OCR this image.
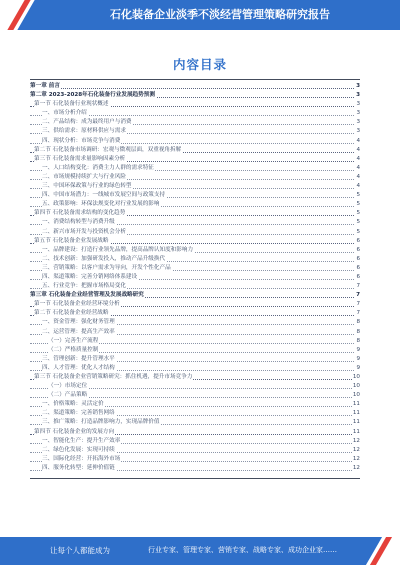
石化装备企业淡季不淡经营管理策略研究报告
内容目录
第一章 前言	3
第二章 2023-2028年石化装备行业发展趋势预测	3
第一节 石化装备行业现状概述	3
一、市场分析介绍	3
二、产品结构：成为最终用户与消费	3
三、供给需求：原材料供应与需求	3
四、现状分析：市场竞争与消费	4
第二节 石化装备市场调研：宏观与微观层面，双重视角拆解	4
第三节 石化装备需求量影响因素分析	4
一、人口结构变化：消费主力人群的需求特征	4
二、市场规模持续扩大与行业风险	4
三、中国环保政策与行业的绿色转型	4
四、中国市场潜力：一线城市发展空间与政策支持	5
五、政策影响：环保法规变化对行业发展的影响	5
第四节 石化装备需求结构的变化趋势	5
一、消费结构转型与消费升级	5
二、新兴市场开发与投资机会分析	5
第五节 石化装备企业发展战略	6
一、品牌建设：打造行业领先品牌，提高品牌认知度和影响力	6
二、技术创新：加强研发投入，推动产品升级换代	6
三、营销策略：以客户需求为导向，开发个性化产品	6
四、渠道策略：完善分销网络体系建设	6
五、行业竞争：把握市场格局变化	7
第三章 石化装备企业经营管理及发展战略研究	7
第一节 石化装备企业经营环境分析	7
第二节 石化装备企业经营战略	7
一、资金管理：强化财务管理	8
二、运营管理：提高生产效率	8
（一）完善生产流程	8
（二）严格质量控制	9
三、管理创新：提升管理水平	9
四、人才管理：优化人才结构	9
第三节 石化装备企业营销策略研究：抓住机遇，提升市场竞争力	10
（一）市场定位	10
（二）产品策略	10
一、价格策略：灵活定价	11
二、渠道策略：完善销售网络	11
三、推广策略：打造品牌影响力，实现品牌价值	11
第四节 石化装备企业的发展方向	11
一、智能化生产：提升生产效率	12
二、绿色化发展：实现可持续	12
三、国际化经营：开拓海外市场	12
四、服务化转型：延伸价值链	12
让每个人都能成为	行业专家、管理专家、营销专家、战略专家、成功企业家……
